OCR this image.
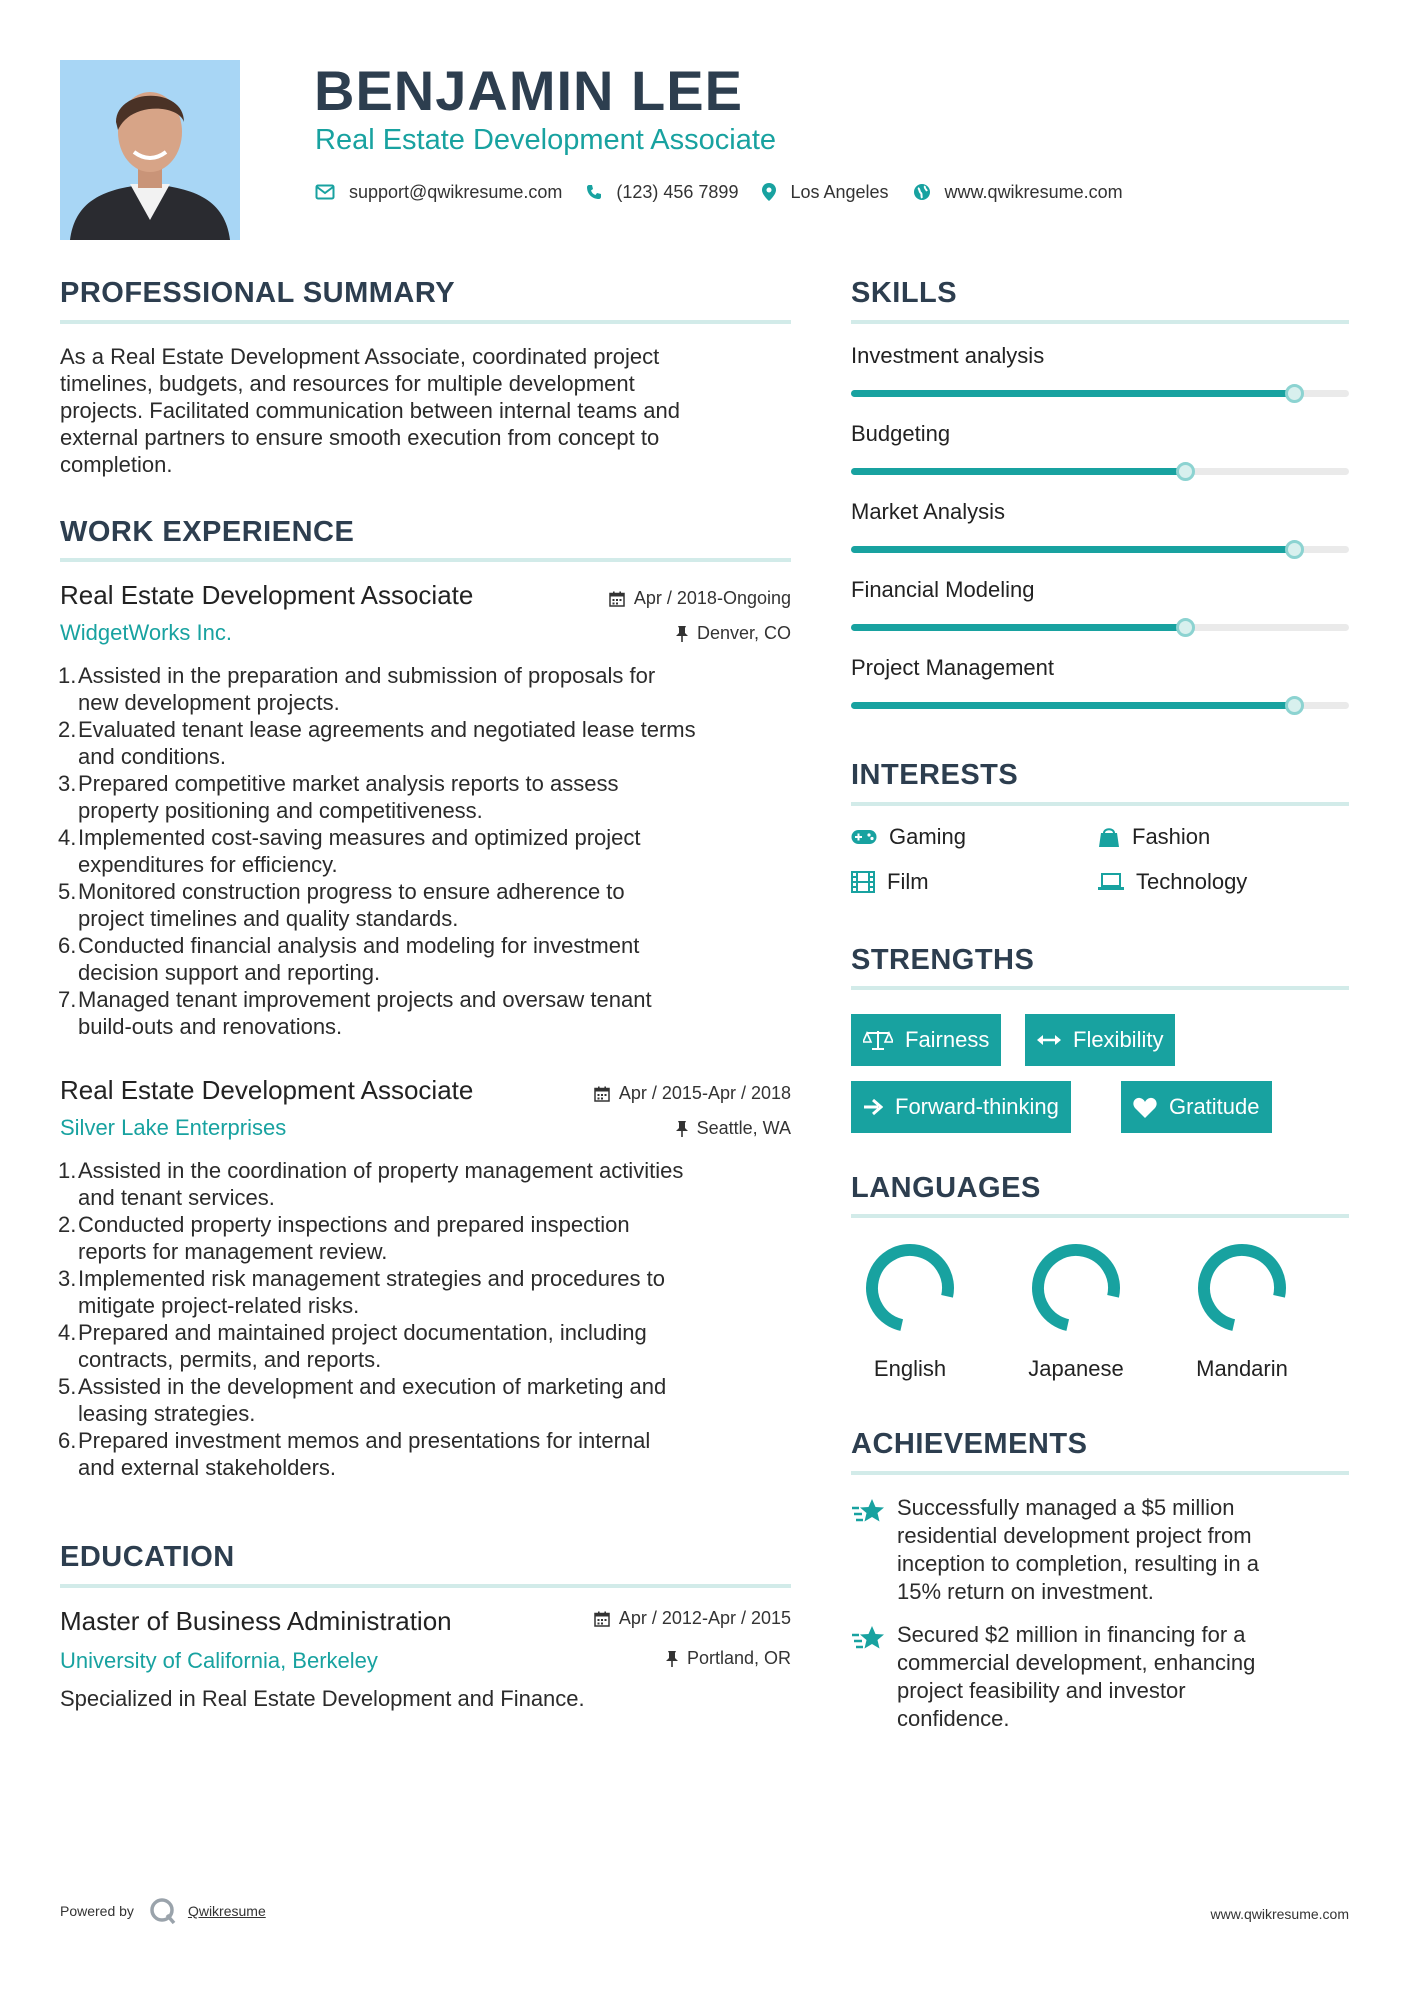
BENJAMIN LEE
Real Estate Development Associate
support@qwikresume.com	(123) 456 7899	Los Angeles	www.qwikresume.com
PROFESSIONAL SUMMARY
As a Real Estate Development Associate, coordinated project
timelines, budgets, and resources for multiple development
projects. Facilitated communication between internal teams and
external partners to ensure smooth execution from concept to
completion.
WORK EXPERIENCE
Real Estate Development Associate	Apr / 2018-Ongoing
WidgetWorks Inc.	Denver, CO
1. Assisted in the preparation and submission of proposals for
new development projects.
2. Evaluated tenant lease agreements and negotiated lease terms
and conditions.
3. Prepared competitive market analysis reports to assess
property positioning and competitiveness.
4. Implemented cost-saving measures and optimized project
expenditures for efficiency.
5. Monitored construction progress to ensure adherence to
project timelines and quality standards.
6. Conducted financial analysis and modeling for investment
decision support and reporting.
7. Managed tenant improvement projects and oversaw tenant
build-outs and renovations.
Real Estate Development Associate	Apr / 2015-Apr / 2018
Silver Lake Enterprises	Seattle, WA
1. Assisted in the coordination of property management activities
and tenant services.
2. Conducted property inspections and prepared inspection
reports for management review.
3. Implemented risk management strategies and procedures to
mitigate project-related risks.
4. Prepared and maintained project documentation, including
contracts, permits, and reports.
5. Assisted in the development and execution of marketing and
leasing strategies.
6. Prepared investment memos and presentations for internal
and external stakeholders.
EDUCATION
Master of Business Administration	Apr / 2012-Apr / 2015
University of California, Berkeley	Portland, OR
Specialized in Real Estate Development and Finance.
SKILLS
Investment analysis
Budgeting
Market Analysis
Financial Modeling
Project Management
INTERESTS
Gaming	Fashion
Film	Technology
STRENGTHS
Fairness	Flexibility
Forward-thinking	Gratitude
LANGUAGES
English	Japanese	Mandarin
ACHIEVEMENTS
Successfully managed a $5 million
residential development project from
inception to completion, resulting in a
15% return on investment.
Secured $2 million in financing for a
commercial development, enhancing
project feasibility and investor
confidence.
Powered by	Qwikresume	www.qwikresume.com
